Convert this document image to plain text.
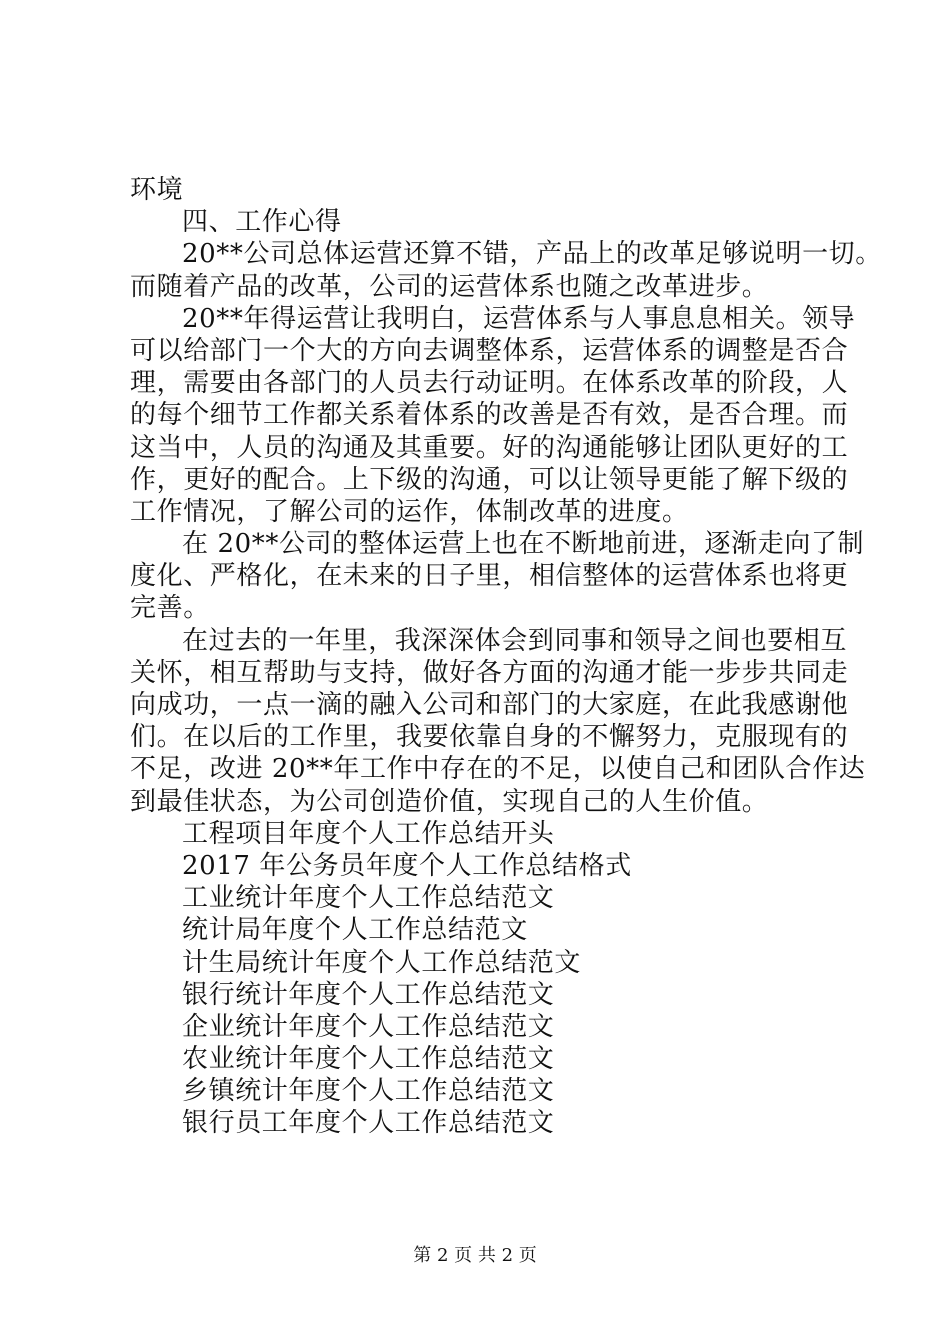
环境
四、工作心得
20**公司总体运营还算不错，产品上的改革足够说明一切。
而随着产品的改革，公司的运营体系也随之改革进步。
20**年得运营让我明白，运营体系与人事息息相关。领导
可以给部门一个大的方向去调整体系，运营体系的调整是否合
理，需要由各部门的人员去行动证明。在体系改革的阶段，人
的每个细节工作都关系着体系的改善是否有效，是否合理。而
这当中，人员的沟通及其重要。好的沟通能够让团队更好的工
作，更好的配合。上下级的沟通，可以让领导更能了解下级的
工作情况，了解公司的运作，体制改革的进度。
在 20**公司的整体运营上也在不断地前进，逐渐走向了制
度化、严格化，在未来的日子里，相信整体的运营体系也将更
完善。
在过去的一年里，我深深体会到同事和领导之间也要相互
关怀，相互帮助与支持，做好各方面的沟通才能一步步共同走
向成功，一点一滴的融入公司和部门的大家庭，在此我感谢他
们。在以后的工作里，我要依靠自身的不懈努力，克服现有的
不足，改进 20**年工作中存在的不足，以使自己和团队合作达
到最佳状态，为公司创造价值，实现自己的人生价值。
工程项目年度个人工作总结开头
2017 年公务员年度个人工作总结格式
工业统计年度个人工作总结范文
统计局年度个人工作总结范文
计生局统计年度个人工作总结范文
银行统计年度个人工作总结范文
企业统计年度个人工作总结范文
农业统计年度个人工作总结范文
乡镇统计年度个人工作总结范文
银行员工年度个人工作总结范文
第 2 页 共 2 页
